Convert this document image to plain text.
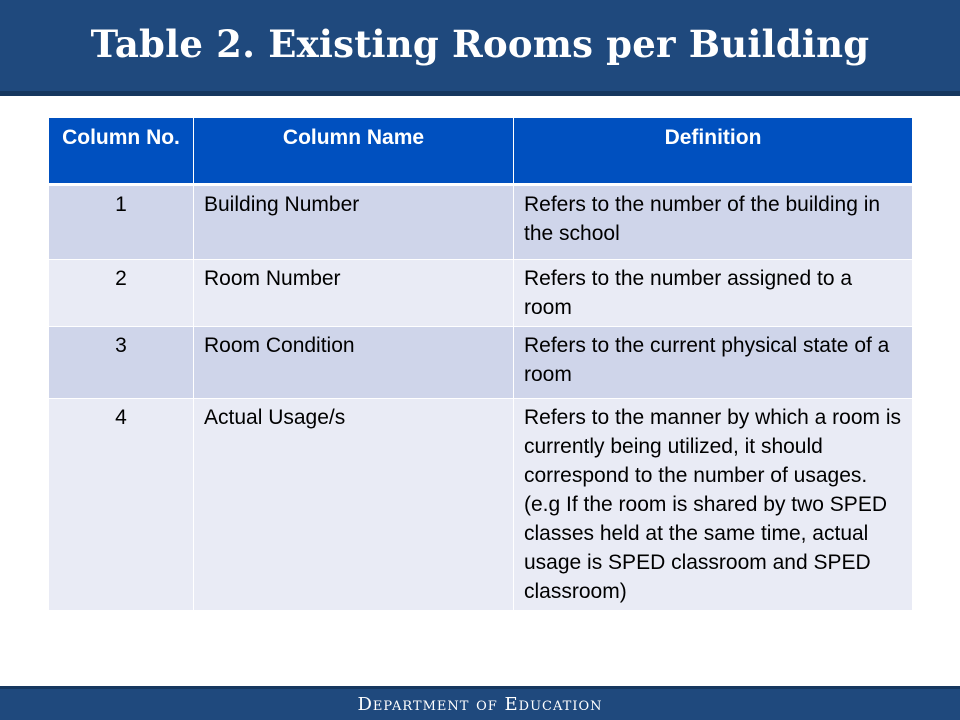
Table 2. Existing Rooms per Building
Column No.	Column Name	Definition
1	Building Number	Refers to the number of the building in the school
2	Room Number	Refers to the number assigned to a room
3	Room Condition	Refers to the current physical state of a room
4	Actual Usage/s	Refers to the manner by which a room is currently being utilized, it should correspond to the number of usages. (e.g If the room is shared by two SPED classes held at the same time, actual usage is SPED classroom and SPED classroom)
Department of Education
